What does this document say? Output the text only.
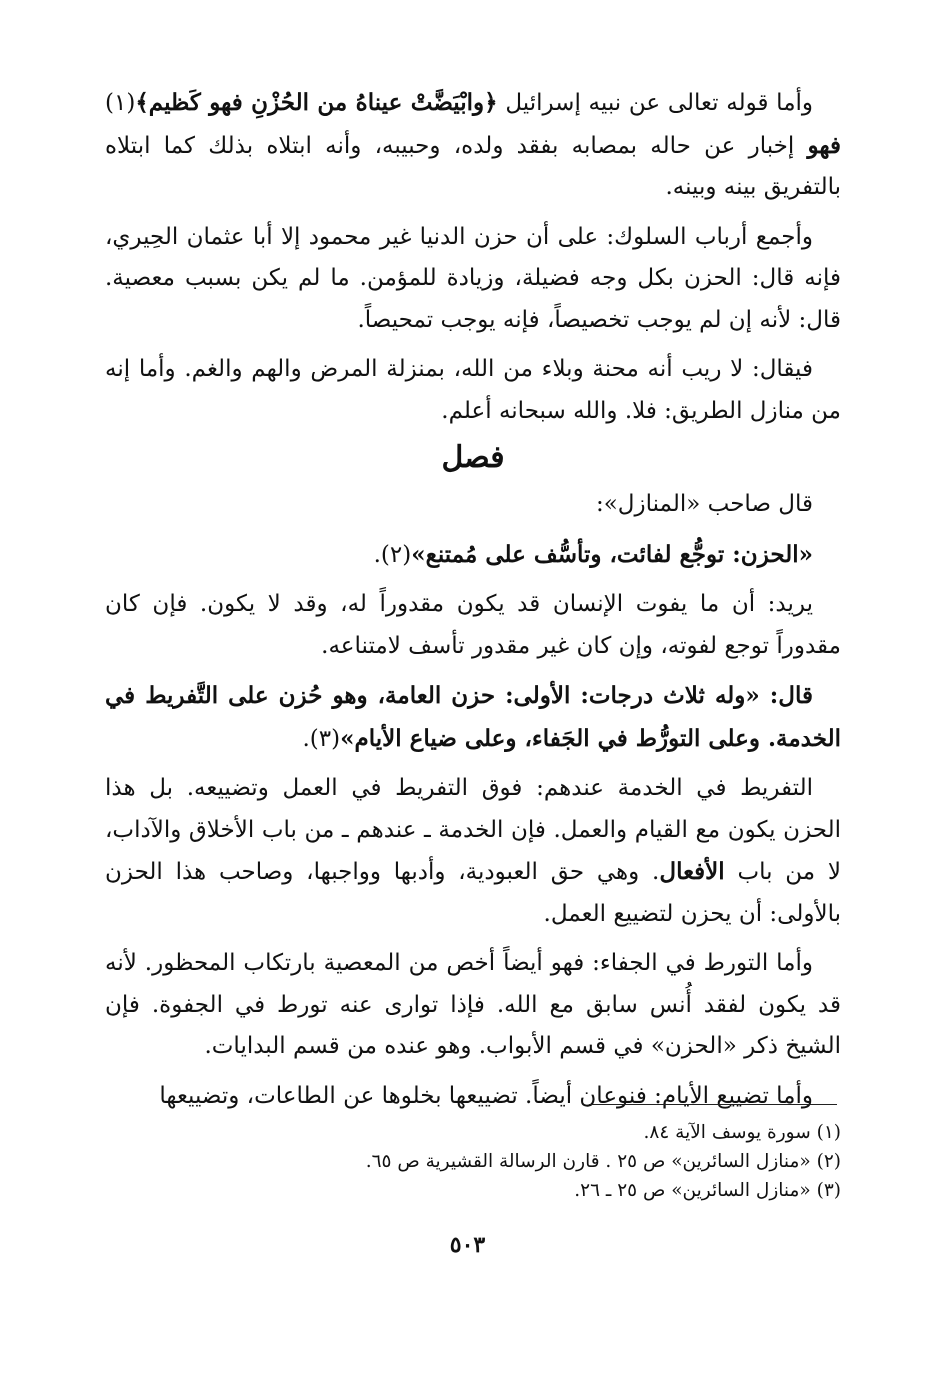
وأما قوله تعالى عن نبيه إسرائيل ﴿وابْيَضَّتْ عيناهُ من الحُزْنِ فهو كَظيم﴾(١) فهو إخبار عن حاله بمصابه بفقد ولده، وحبيبه، وأنه ابتلاه بذلك كما ابتلاه بالتفريق بينه وبينه.

وأجمع أرباب السلوك: على أن حزن الدنيا غير محمود إلا أبا عثمان الحِيري، فإنه قال: الحزن بكل وجه فضيلة، وزيادة للمؤمن. ما لم يكن بسبب معصية. قال: لأنه إن لم يوجب تخصيصاً، فإنه يوجب تمحيصاً.

فيقال: لا ريب أنه محنة وبلاء من الله، بمنزلة المرض والهم والغم. وأما إنه من منازل الطريق: فلا. والله سبحانه أعلم.

فصل

قال صاحب «المنازل»:

«الحزن: توجُّع لفائت، وتأسُّف على مُمتنع»(٢).

يريد: أن ما يفوت الإنسان قد يكون مقدوراً له، وقد لا يكون. فإن كان مقدوراً توجع لفوته، وإن كان غير مقدور تأسف لامتناعه.

قال: «وله ثلاث درجات: الأولى: حزن العامة، وهو حُزن على التَّفريط في الخدمة. وعلى التورُّط في الجَفاء، وعلى ضياع الأيام»(٣).

التفريط في الخدمة عندهم: فوق التفريط في العمل وتضييعه. بل هذا الحزن يكون مع القيام والعمل. فإن الخدمة ـ عندهم ـ من باب الأخلاق والآداب، لا من باب الأفعال. وهي حق العبودية، وأدبها وواجبها، وصاحب هذا الحزن بالأولى: أن يحزن لتضييع العمل.

وأما التورط في الجفاء: فهو أيضاً أخص من المعصية بارتكاب المحظور. لأنه قد يكون لفقد أُنس سابق مع الله. فإذا توارى عنه تورط في الجفوة. فإن الشيخ ذكر «الحزن» في قسم الأبواب. وهو عنده من قسم البدايات.

وأما تضييع الأيام: فنوعان أيضاً. تضييعها بخلوها عن الطاعات، وتضييعها

(١) سورة يوسف الآية ٨٤.

(٢) «منازل السائرين» ص ٢٥ . قارن الرسالة القشيرية ص ٦٥.

(٣) «منازل السائرين» ص ٢٥ ـ ٢٦.

٥٠٣
